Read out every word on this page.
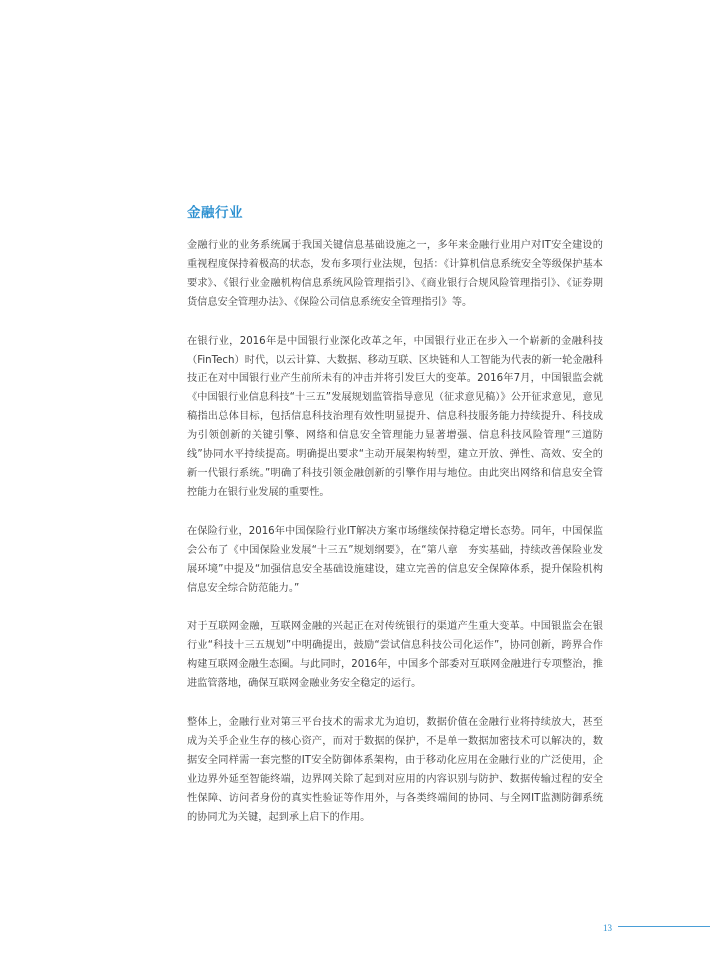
金融行业

金融行业的业务系统属于我国关键信息基础设施之一，多年来金融行业用户对IT安全建设的重视程度保持着极高的状态，发布多项行业法规，包括：《计算机信息系统安全等级保护基本要求》、《银行业金融机构信息系统风险管理指引》、《商业银行合规风险管理指引》、《证券期货信息安全管理办法》、《保险公司信息系统安全管理指引》等。

在银行业，2016年是中国银行业深化改革之年，中国银行业正在步入一个崭新的金融科技（FinTech）时代，以云计算、大数据、移动互联、区块链和人工智能为代表的新一轮金融科技正在对中国银行业产生前所未有的冲击并将引发巨大的变革。2016年7月，中国银监会就《中国银行业信息科技“十三五”发展规划监管指导意见（征求意见稿）》公开征求意见，意见稿指出总体目标，包括信息科技治理有效性明显提升、信息科技服务能力持续提升、科技成为引领创新的关键引擎、网络和信息安全管理能力显著增强、信息科技风险管理“三道防线”协同水平持续提高。明确提出要求“主动开展架构转型，建立开放、弹性、高效、安全的新一代银行系统。”明确了科技引领金融创新的引擎作用与地位。由此突出网络和信息安全管控能力在银行业发展的重要性。

在保险行业，2016年中国保险行业IT解决方案市场继续保持稳定增长态势。同年，中国保监会公布了《中国保险业发展“十三五”规划纲要》，在“第八章　夯实基础，持续改善保险业发展环境”中提及“加强信息安全基础设施建设，建立完善的信息安全保障体系，提升保险机构信息安全综合防范能力。”

对于互联网金融，互联网金融的兴起正在对传统银行的渠道产生重大变革。中国银监会在银行业“科技十三五规划”中明确提出，鼓励“尝试信息科技公司化运作”，协同创新，跨界合作构建互联网金融生态圈。与此同时，2016年，中国多个部委对互联网金融进行专项整治，推进监管落地，确保互联网金融业务安全稳定的运行。

整体上，金融行业对第三平台技术的需求尤为迫切，数据价值在金融行业将持续放大，甚至成为关乎企业生存的核心资产，而对于数据的保护，不是单一数据加密技术可以解决的，数据安全同样需一套完整的IT安全防御体系架构，由于移动化应用在金融行业的广泛使用，企业边界外延至智能终端，边界网关除了起到对应用的内容识别与防护、数据传输过程的安全性保障、访问者身份的真实性验证等作用外，与各类终端间的协同、与全网IT监测防御系统的协同尤为关键，起到承上启下的作用。

13
